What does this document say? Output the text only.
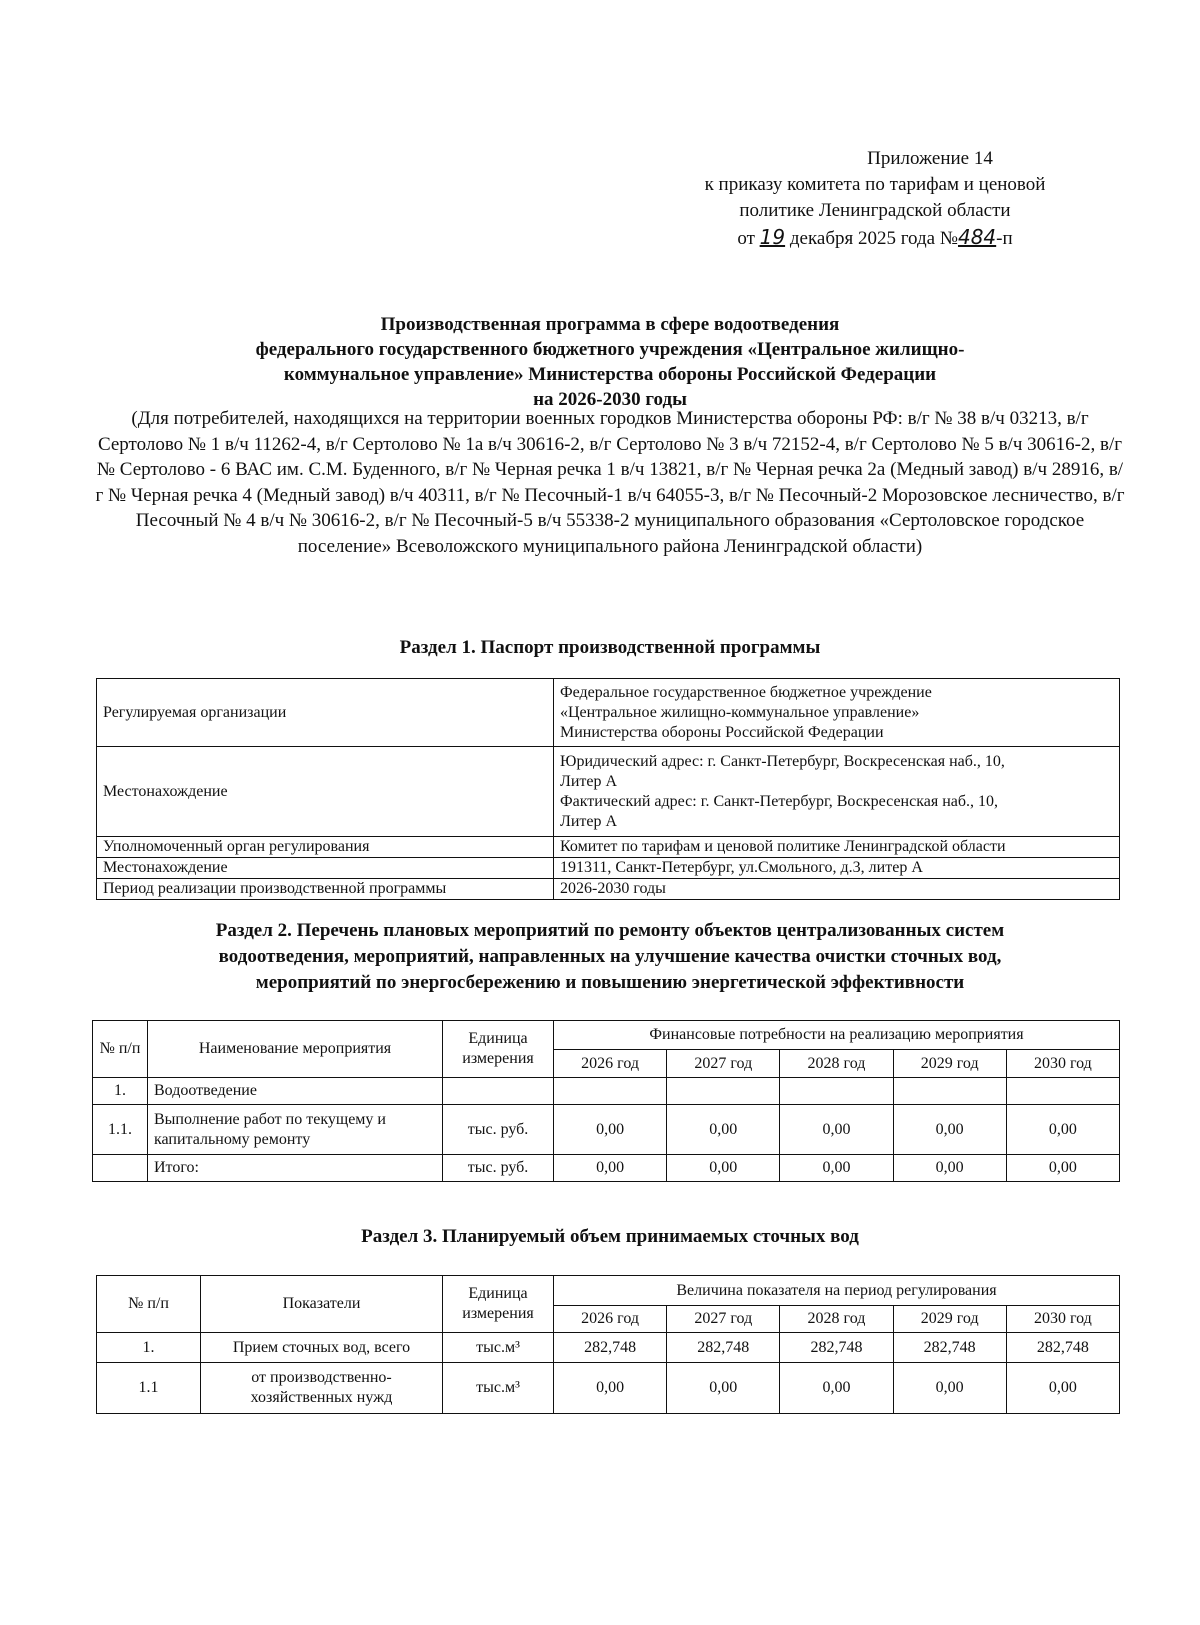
Приложение 14
к приказу комитета по тарифам и ценовой
политике Ленинградской области
от 19 декабря 2025 года №484-п
Производственная программа в сфере водоотведения
федерального государственного бюджетного учреждения «Центральное жилищно-
коммунальное управление» Министерства обороны Российской Федерации
на 2026-2030 годы
(Для потребителей, находящихся на территории военных городков Министерства обороны РФ: в/г № 38 в/ч 03213, в/г Сертолово № 1 в/ч 11262-4, в/г Сертолово № 1а в/ч 30616-2, в/г Сертолово № 3 в/ч 72152-4, в/г Сертолово № 5 в/ч 30616-2, в/г № Сертолово - 6 ВАС им. С.М. Буденного, в/г № Черная речка 1 в/ч 13821, в/г № Черная речка 2а (Медный завод) в/ч 28916, в/г № Черная речка 4 (Медный завод) в/ч 40311, в/г № Песочный-1 в/ч 64055-3, в/г № Песочный-2 Морозовское лесничество, в/г Песочный № 4 в/ч № 30616-2, в/г № Песочный-5 в/ч 55338-2 муниципального образования «Сертоловское городское поселение» Всеволожского муниципального района Ленинградской области)
Раздел 1. Паспорт производственной программы
Регулируемая организации	Федеральное государственное бюджетное учреждение
«Центральное жилищно-коммунальное управление»
Министерства обороны Российской Федерации

Местонахождение	Юридический адрес: г. Санкт-Петербург, Воскресенская наб., 10,
Литер А
Фактический адрес: г. Санкт-Петербург, Воскресенская наб., 10,
Литер А

Уполномоченный орган регулирования	Комитет по тарифам и ценовой политике Ленинградской области
Местонахождение	191311, Санкт-Петербург, ул.Смольного, д.3, литер А
Период реализации производственной программы	2026-2030 годы
Раздел 2. Перечень плановых мероприятий по ремонту объектов централизованных систем
водоотведения, мероприятий, направленных на улучшение качества очистки сточных вод,
мероприятий по энергосбережению и повышению энергетической эффективности
№ п/п	Наименование мероприятия	Единица измерения	Финансовые потребности на реализацию мероприятия				
			2026 год	2027 год	2028 год	2029 год	2030 год
1.	Водоотведение						
1.1.	Выполнение работ по текущему и капитальному ремонту	тыс. руб.	0,00	0,00	0,00	0,00	0,00
	Итого:	тыс. руб.	0,00	0,00	0,00	0,00	0,00
Раздел 3. Планируемый объем принимаемых сточных вод
№ п/п	Показатели	Единица измерения	Величина показателя на период регулирования				
			2026 год	2027 год	2028 год	2029 год	2030 год
1.	Прием сточных вод, всего	тыс.м³	282,748	282,748	282,748	282,748	282,748
1.1	от производственно-хозяйственных нужд	тыс.м³	0,00	0,00	0,00	0,00	0,00
